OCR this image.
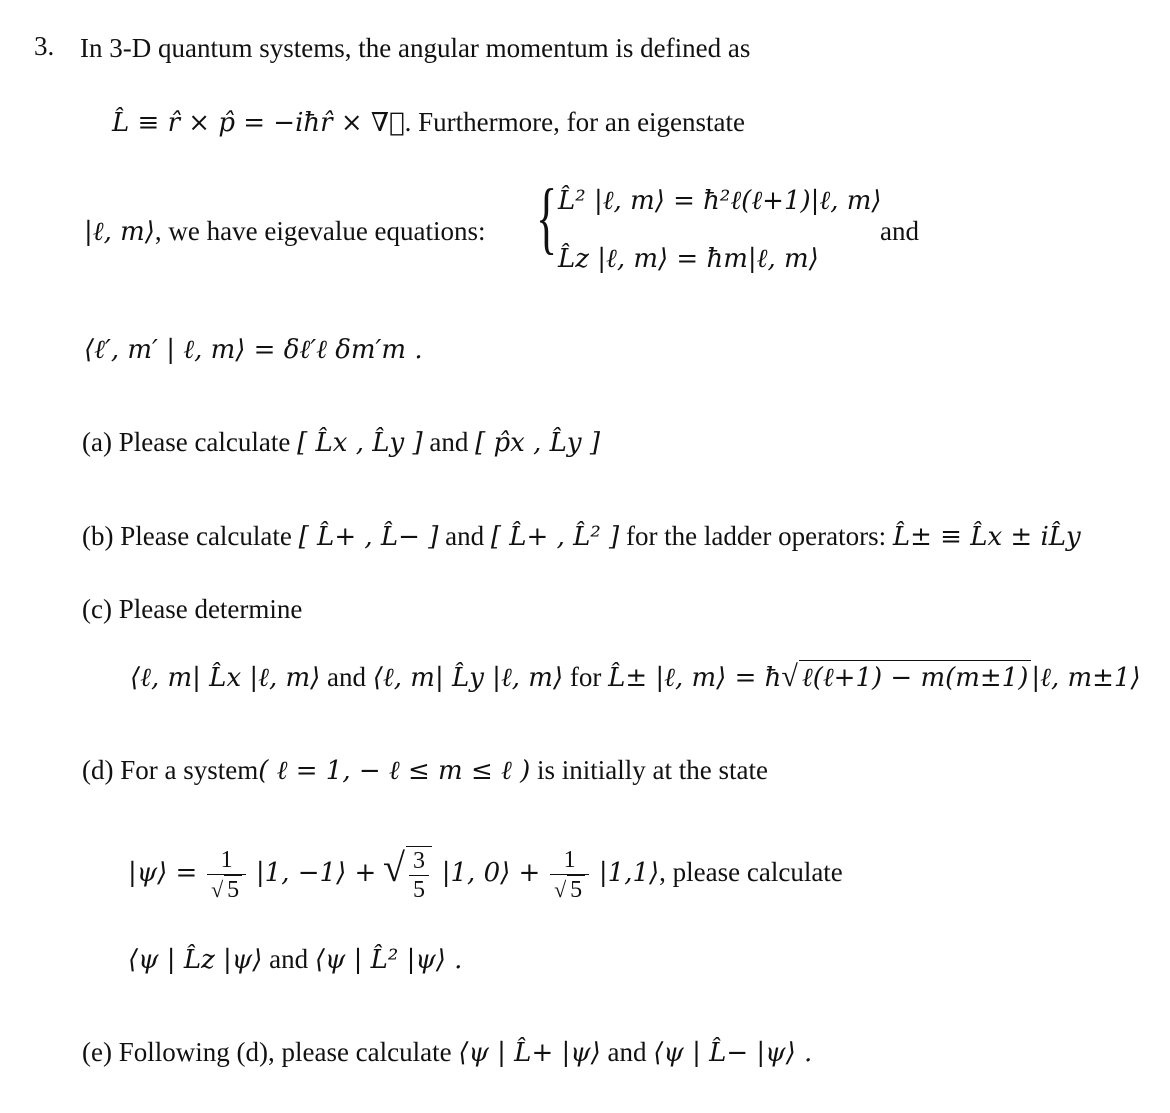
3. In 3-D quantum systems, the angular momentum is defined as
L̂ ≡ r̂ × p̂ = −iħr̂ × ∇⃗. Furthermore, for an eigenstate
|ℓ, m⟩, we have eigevalue equations: { L̂² |ℓ, m⟩ = ħ²ℓ(ℓ+1)|ℓ, m⟩
L̂z |ℓ, m⟩ = ħm|ℓ, m⟩
and
⟨ℓ′, m′ | ℓ, m⟩ = δℓ′ℓ δm′m .
(a) Please calculate [ L̂x , L̂y ] and [ p̂x , L̂y ]
(b) Please calculate [ L̂+ , L̂− ] and [ L̂+ , L̂² ] for the ladder operators: L̂± ≡ L̂x ± iL̂y
(c) Please determine
⟨ℓ, m| L̂x |ℓ, m⟩ and ⟨ℓ, m| L̂y |ℓ, m⟩ for L̂± |ℓ, m⟩ = ħ√ ℓ(ℓ+1) − m(m±1) |ℓ, m±1⟩
(d) For a system( ℓ = 1, − ℓ ≤ m ≤ ℓ ) is initially at the state
|ψ⟩ = $\frac{1}{√ 5} |1$, −1⟩ + √ $\frac{3}{5} |1$, 0⟩ + $\frac{1}{√ 5}$ |1,1⟩, please calculate
⟨ψ | L̂z |ψ⟩ and ⟨ψ | L̂² |ψ⟩ .
(e) Following (d), please calculate ⟨ψ | L̂+ |ψ⟩ and ⟨ψ | L̂− |ψ⟩ .
